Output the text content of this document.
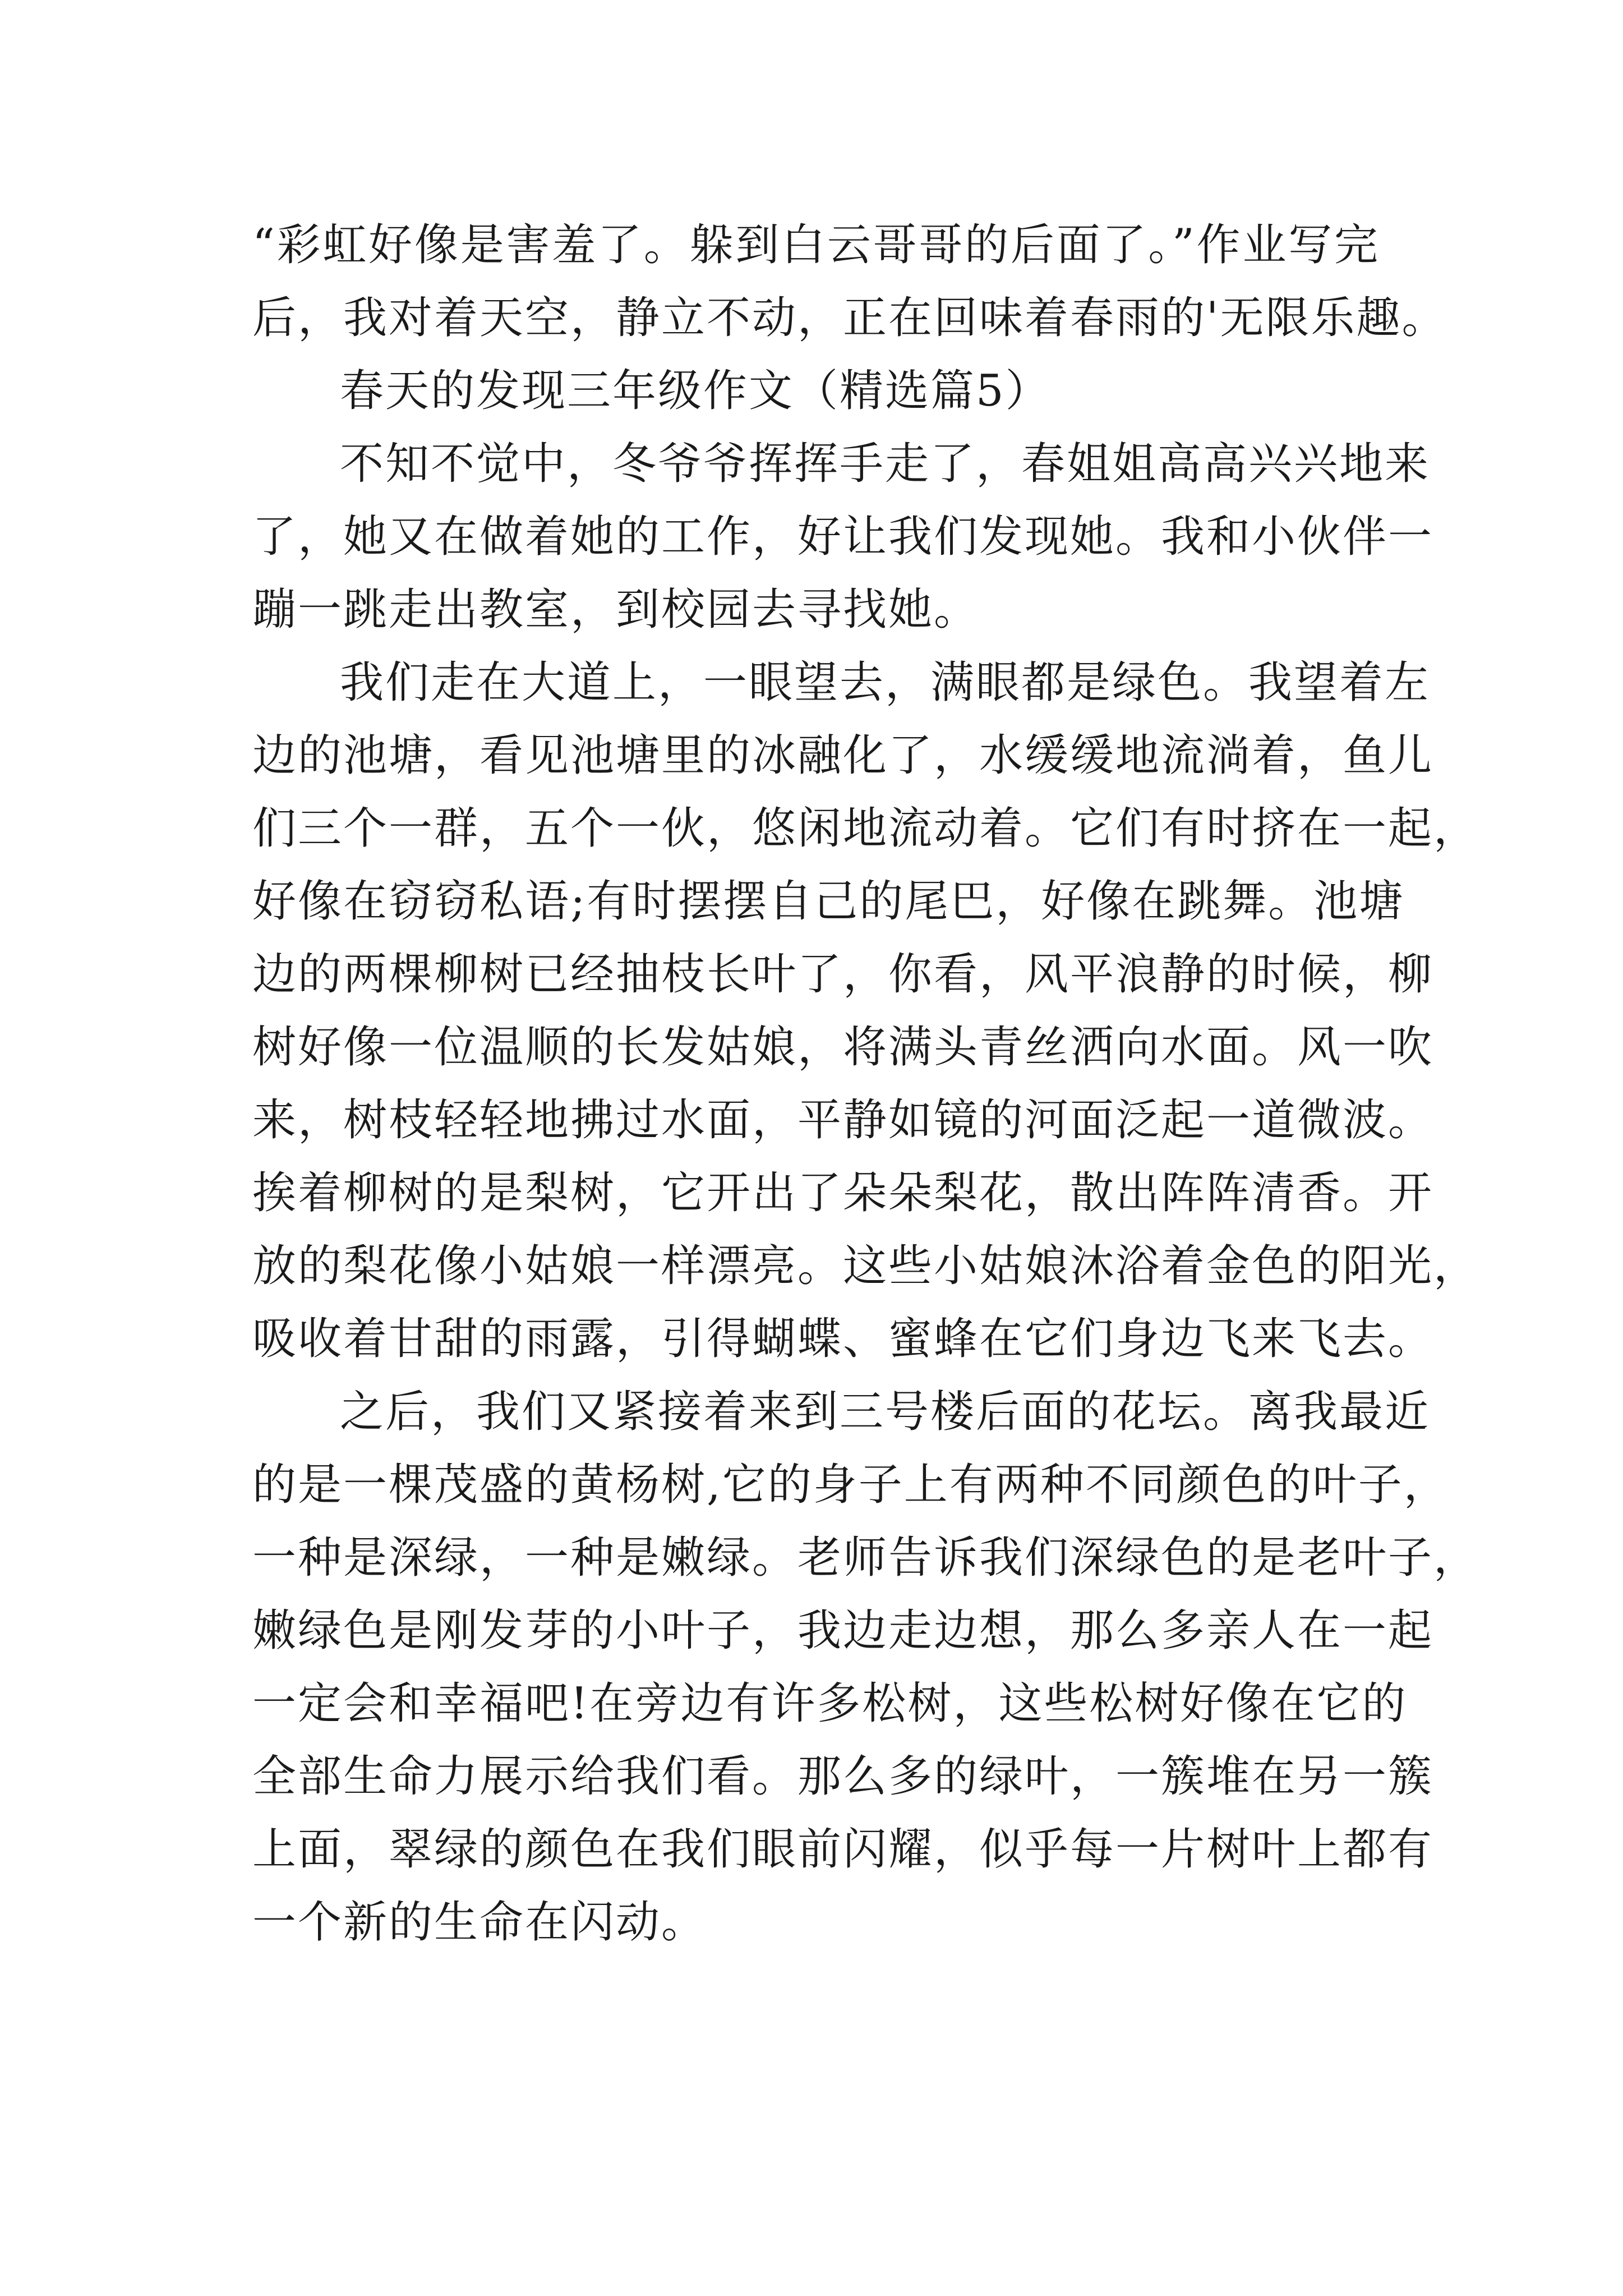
“彩虹好像是害羞了。躲到白云哥哥的后面了。”作业写完
后，我对着天空，静立不动，正在回味着春雨的'无限乐趣。
春天的发现三年级作文（精选篇5）
不知不觉中，冬爷爷挥挥手走了，春姐姐高高兴兴地来
了，她又在做着她的工作，好让我们发现她。我和小伙伴一
蹦一跳走出教室，到校园去寻找她。
我们走在大道上，一眼望去，满眼都是绿色。我望着左
边的池塘，看见池塘里的冰融化了，水缓缓地流淌着，鱼儿
们三个一群，五个一伙，悠闲地流动着。它们有时挤在一起，
好像在窃窃私语;有时摆摆自己的尾巴，好像在跳舞。池塘
边的两棵柳树已经抽枝长叶了，你看，风平浪静的时候，柳
树好像一位温顺的长发姑娘，将满头青丝洒向水面。风一吹
来，树枝轻轻地拂过水面，平静如镜的河面泛起一道微波。
挨着柳树的是梨树，它开出了朵朵梨花，散出阵阵清香。开
放的梨花像小姑娘一样漂亮。这些小姑娘沐浴着金色的阳光，
吸收着甘甜的雨露，引得蝴蝶、蜜蜂在它们身边飞来飞去。
之后，我们又紧接着来到三号楼后面的花坛。离我最近
的是一棵茂盛的黄杨树,它的身子上有两种不同颜色的叶子，
一种是深绿，一种是嫩绿。老师告诉我们深绿色的是老叶子，
嫩绿色是刚发芽的小叶子，我边走边想，那么多亲人在一起
一定会和幸福吧!在旁边有许多松树，这些松树好像在它的
全部生命力展示给我们看。那么多的绿叶，一簇堆在另一簇
上面，翠绿的颜色在我们眼前闪耀，似乎每一片树叶上都有
一个新的生命在闪动。
